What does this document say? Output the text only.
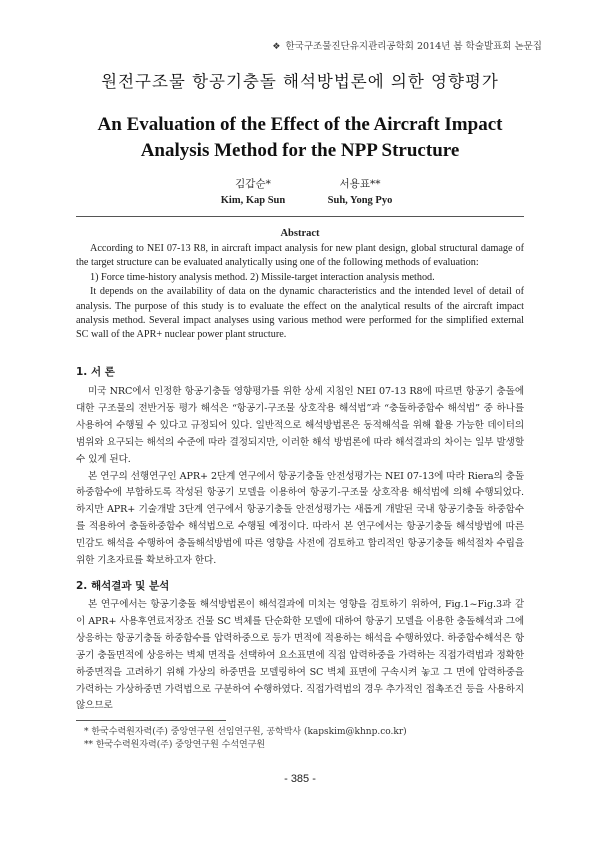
❖ 한국구조물진단유지관리공학회 2014년 봄 학술발표회 논문집
원전구조물 항공기충돌 해석방법론에 의한 영향평가
An Evaluation of the Effect of the Aircraft Impact
Analysis Method for the NPP Structure
김갑순*
Kim, Kap Sun
서용표**
Suh, Yong Pyo
Abstract

According to NEI 07-13 R8, in aircraft impact analysis for new plant design, global structural damage of the target structure can be evaluated analytically using one of the following methods of evaluation:

1) Force time-history analysis method. 2) Missile-target interaction analysis method.

It depends on the availability of data on the dynamic characteristics and the intended level of detail of analysis. The purpose of this study is to evaluate the effect on the analytical results of the aircraft impact analysis method. Several impact analyses using various method were performed for the simplified external SC wall of the APR+ nuclear power plant structure.

1. 서 론

미국 NRC에서 인정한 항공기충돌 영향평가를 위한 상세 지침인 NEI 07-13 R8에 따르면 항공기 충돌에 대한 구조물의 전반거동 평가 해석은 “항공기-구조물 상호작용 해석법”과 “충돌하중함수 해석법” 중 하나를 사용하여 수행될 수 있다고 규정되어 있다. 일반적으로 해석방법론은 동적해석을 위해 활용 가능한 데이터의 범위와 요구되는 해석의 수준에 따라 결정되지만, 이러한 해석 방법론에 따라 해석결과의 차이는 일부 발생할 수 있게 된다.

본 연구의 선행연구인 APR+ 2단계 연구에서 항공기충돌 안전성평가는 NEI 07-13에 따라 Riera의 충돌하중함수에 부합하도록 작성된 항공기 모델을 이용하여 항공기-구조물 상호작용 해석법에 의해 수행되었다. 하지만 APR+ 기술개발 3단계 연구에서 항공기충돌 안전성평가는 새롭게 개발된 국내 항공기충돌 하중함수를 적용하여 충돌하중함수 해석법으로 수행될 예정이다. 따라서 본 연구에서는 항공기충돌 해석방법에 따른 민감도 해석을 수행하여 충돌해석방법에 따른 영향을 사전에 검토하고 합리적인 항공기충돌 해석절차 수립을 위한 기초자료를 확보하고자 한다.

2. 해석결과 및 분석

본 연구에서는 항공기충돌 해석방법론이 해석결과에 미치는 영향을 검토하기 위하여, Fig.1~Fig.3과 같이 APR+ 사용후연료저장조 건물 SC 벽체를 단순화한 모델에 대하여 항공기 모델을 이용한 충돌해석과 그에 상응하는 항공기충돌 하중함수를 압력하중으로 등가 면적에 적용하는 해석을 수행하였다. 하중함수해석은 항공기 충돌면적에 상응하는 벽체 면적을 선택하여 요소표면에 직접 압력하중을 가력하는 직접가력법과 정확한 하중면적을 고려하기 위해 가상의 하중면을 모델링하여 SC 벽체 표면에 구속시켜 놓고 그 면에 압력하중을 가력하는 가상하중면 가력법으로 구분하여 수행하였다. 직접가력법의 경우 추가적인 접촉조건 등을 사용하지 않으므로

* 한국수력원자력(주) 중앙연구원 선임연구원, 공학박사 (kapskim@khnp.co.kr)
** 한국수력원자력(주) 중앙연구원 수석연구원
- 385 -
